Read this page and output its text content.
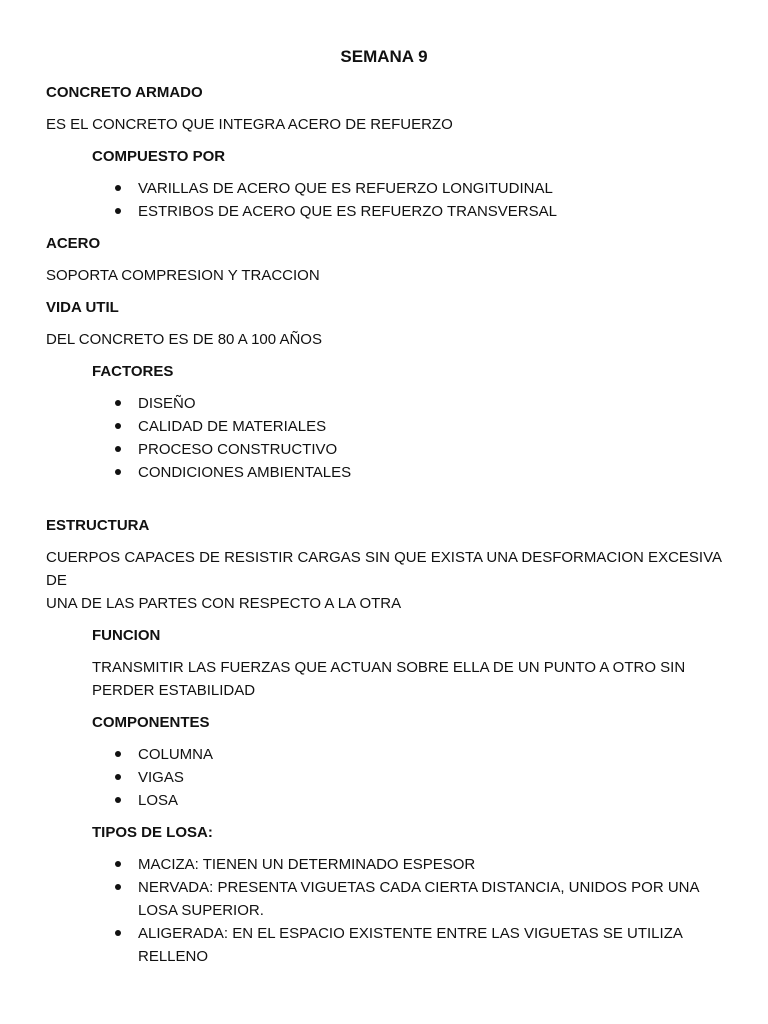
SEMANA 9
CONCRETO ARMADO
ES EL CONCRETO QUE INTEGRA ACERO DE REFUERZO
COMPUESTO POR
VARILLAS DE ACERO QUE ES REFUERZO LONGITUDINAL
ESTRIBOS DE ACERO QUE ES REFUERZO TRANSVERSAL
ACERO
SOPORTA COMPRESION Y TRACCION
VIDA UTIL
DEL CONCRETO ES DE 80 A 100 AÑOS
FACTORES
DISEÑO
CALIDAD DE MATERIALES
PROCESO CONSTRUCTIVO
CONDICIONES AMBIENTALES
ESTRUCTURA
CUERPOS CAPACES DE RESISTIR CARGAS SIN QUE EXISTA UNA DESFORMACION EXCESIVA DE
UNA DE LAS PARTES CON RESPECTO A LA OTRA
FUNCION
TRANSMITIR LAS FUERZAS QUE ACTUAN SOBRE ELLA DE UN PUNTO A OTRO SIN
PERDER ESTABILIDAD
COMPONENTES
COLUMNA
VIGAS
LOSA
TIPOS DE LOSA:
MACIZA: TIENEN UN DETERMINADO ESPESOR
NERVADA: PRESENTA VIGUETAS CADA CIERTA DISTANCIA, UNIDOS POR UNA
LOSA SUPERIOR.
ALIGERADA: EN EL ESPACIO EXISTENTE ENTRE LAS VIGUETAS SE UTILIZA
RELLENO
